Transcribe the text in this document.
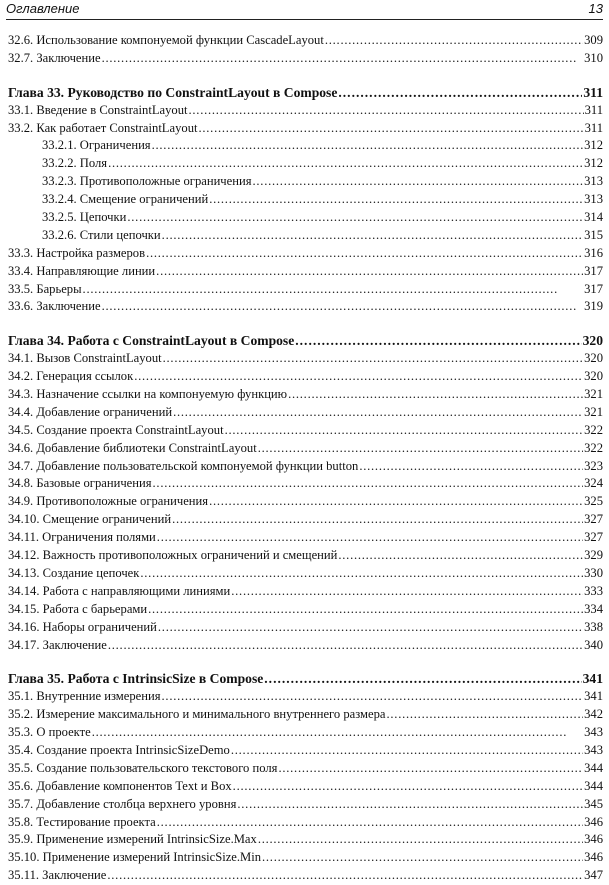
Оглавление	13
32.6. Использование компонуемой функции CascadeLayout . . .	309
32.7. Заключение . . .	310
Глава 33. Руководство по ConstraintLayout в Compose . . .	311
33.1. Введение в ConstraintLayout . . .	311
33.2. Как работает ConstraintLayout . . .	311
33.2.1. Ограничения . . .	312
33.2.2. Поля . . .	312
33.2.3. Противоположные ограничения . . .	313
33.2.4. Смещение ограничений . . .	313
33.2.5. Цепочки . . .	314
33.2.6. Стили цепочки . . .	315
33.3. Настройка размеров . . .	316
33.4. Направляющие линии . . .	317
33.5. Барьеры . . .	317
33.6. Заключение . . .	319
Глава 34. Работа с ConstraintLayout в Compose . . .	320
34.1. Вызов ConstraintLayout . . .	320
34.2. Генерация ссылок . . .	320
34.3. Назначение ссылки на компонуемую функцию . . .	321
34.4. Добавление ограничений . . .	321
34.5. Создание проекта ConstraintLayout . . .	322
34.6. Добавление библиотеки ConstraintLayout . . .	322
34.7. Добавление пользовательской компонуемой функции button . . .	323
34.8. Базовые ограничения . . .	324
34.9. Противоположные ограничения . . .	325
34.10. Смещение ограничений . . .	327
34.11. Ограничения полями . . .	327
34.12. Важность противоположных ограничений и смещений . . .	329
34.13. Создание цепочек . . .	330
34.14. Работа с направляющими линиями . . .	333
34.15. Работа с барьерами . . .	334
34.16. Наборы ограничений . . .	338
34.17. Заключение . . .	340
Глава 35. Работа с IntrinsicSize в Compose . . .	341
35.1. Внутренние измерения . . .	341
35.2. Измерение максимального и минимального внутреннего размера . . .	342
35.3. О проекте . . .	343
35.4. Создание проекта IntrinsicSizeDemo . . .	343
35.5. Создание пользовательского текстового поля . . .	344
35.6. Добавление компонентов Text и Box . . .	344
35.7. Добавление столбца верхнего уровня . . .	345
35.8. Тестирование проекта . . .	346
35.9. Применение измерений IntrinsicSize.Max . . .	346
35.10. Применение измерений IntrinsicSize.Min . . .	346
35.11. Заключение . . .	347
